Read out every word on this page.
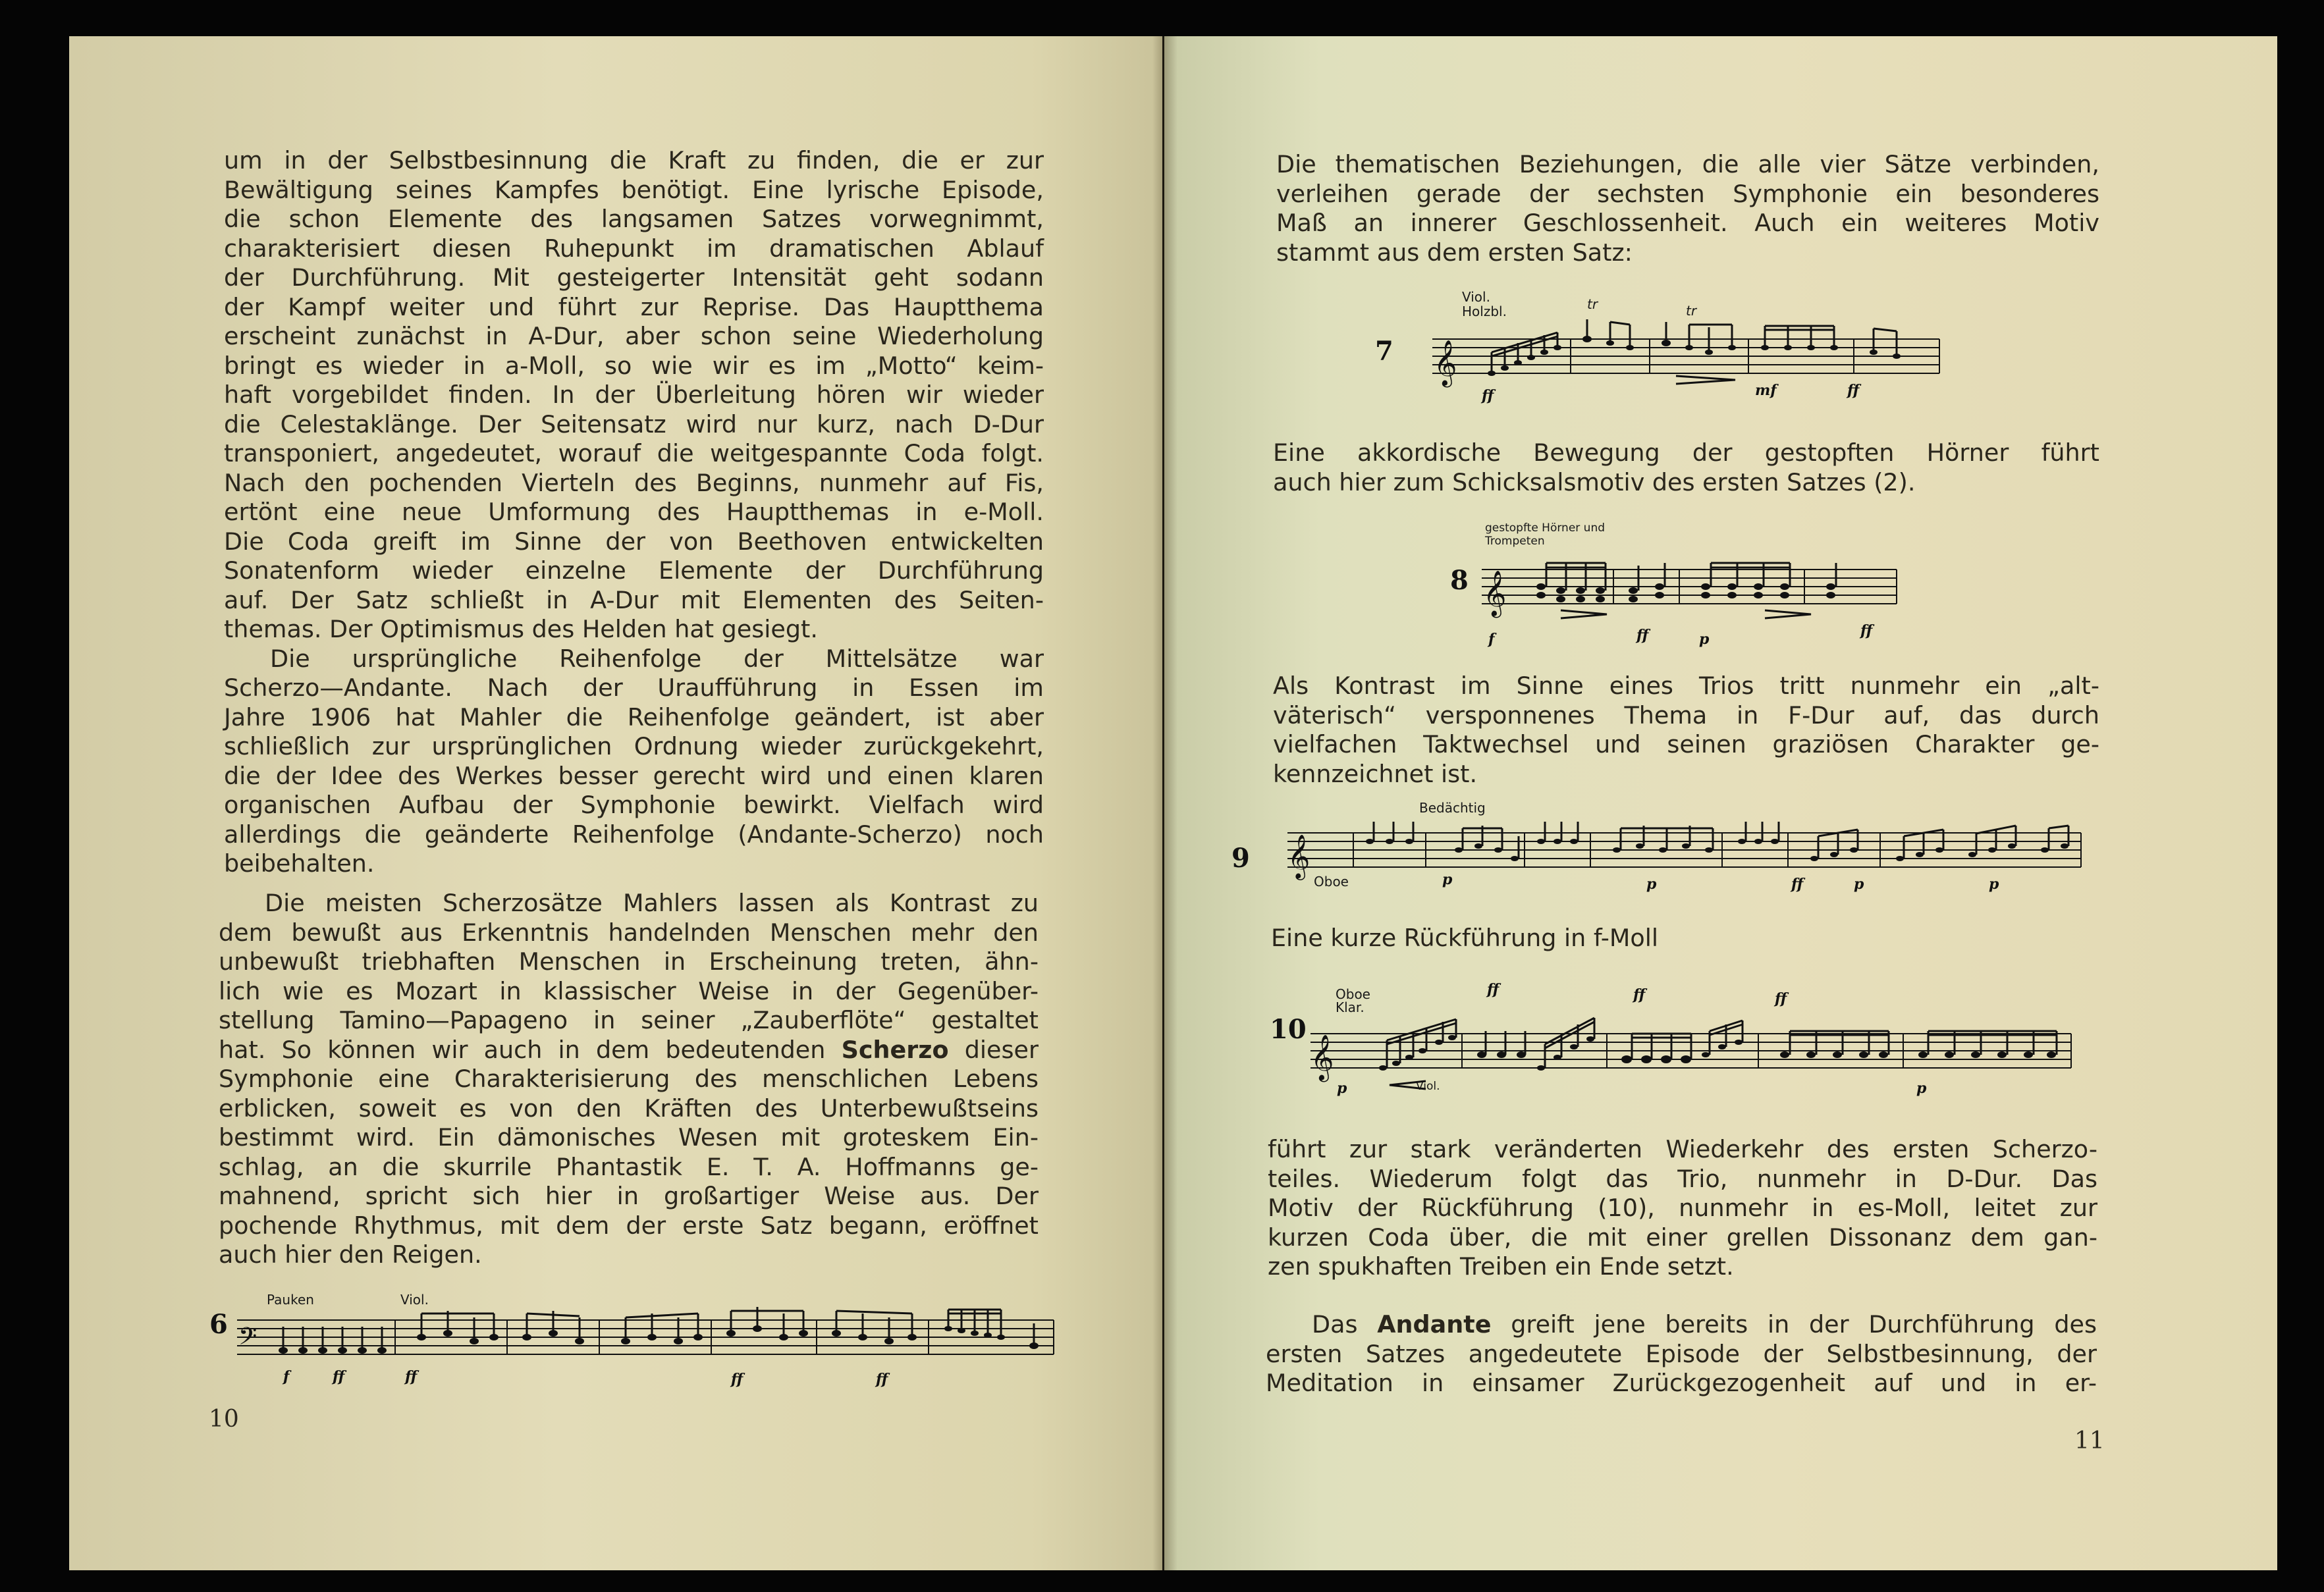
um in der Selbstbesinnung die Kraft zu finden, die er zur
Bewältigung seines Kampfes benötigt. Eine lyrische Episode,
die schon Elemente des langsamen Satzes vorwegnimmt,
charakterisiert diesen Ruhepunkt im dramatischen Ablauf
der Durchführung. Mit gesteigerter Intensität geht sodann
der Kampf weiter und führt zur Reprise. Das Hauptthema
erscheint zunächst in A-Dur, aber schon seine Wiederholung
bringt es wieder in a-Moll, so wie wir es im „Motto“ keim-
haft vorgebildet finden. In der Überleitung hören wir wieder
die Celestaklänge. Der Seitensatz wird nur kurz, nach D-Dur
transponiert, angedeutet, worauf die weitgespannte Coda folgt.
Nach den pochenden Vierteln des Beginns, nunmehr auf Fis,
ertönt eine neue Umformung des Hauptthemas in e-Moll.
Die Coda greift im Sinne der von Beethoven entwickelten
Sonatenform wieder einzelne Elemente der Durchführung
auf. Der Satz schließt in A-Dur mit Elementen des Seiten-
themas. Der Optimismus des Helden hat gesiegt.
Die ursprüngliche Reihenfolge der Mittelsätze war
Scherzo—Andante. Nach der Uraufführung in Essen im
Jahre 1906 hat Mahler die Reihenfolge geändert, ist aber
schließlich zur ursprünglichen Ordnung wieder zurückgekehrt,
die der Idee des Werkes besser gerecht wird und einen klaren
organischen Aufbau der Symphonie bewirkt. Vielfach wird
allerdings die geänderte Reihenfolge (Andante-Scherzo) noch
beibehalten.
Die meisten Scherzosätze Mahlers lassen als Kontrast zu
dem bewußt aus Erkenntnis handelnden Menschen mehr den
unbewußt triebhaften Menschen in Erscheinung treten, ähn-
lich wie es Mozart in klassischer Weise in der Gegenüber-
stellung Tamino—Papageno in seiner „Zauberflöte“ gestaltet
hat. So können wir auch in dem bedeutenden Scherzo dieser
Symphonie eine Charakterisierung des menschlichen Lebens
erblicken, soweit es von den Kräften des Unterbewußtseins
bestimmt wird. Ein dämonisches Wesen mit groteskem Ein-
schlag, an die skurrile Phantastik E. T. A. Hoffmanns ge-
mahnend, spricht sich hier in großartiger Weise aus. Der
pochende Rhythmus, mit dem der erste Satz begann, eröffnet
auch hier den Reigen.
6
Pauken	Viol.
𝄢
f	ff	ff	ff	ff
10
Die thematischen Beziehungen, die alle vier Sätze verbinden,
verleihen gerade der sechsten Symphonie ein besonderes
Maß an innerer Geschlossenheit. Auch ein weiteres Motiv
stammt aus dem ersten Satz:
7
Viol. Holzbl.	tr	tr
𝄞
ff	mf	ff
Eine akkordische Bewegung der gestopften Hörner führt
auch hier zum Schicksalsmotiv des ersten Satzes (2).
8
gestopfte Hörner und Trompeten
𝄞
f	ff	p	ff
Als Kontrast im Sinne eines Trios tritt nunmehr ein „alt-
väterisch“ versponnenes Thema in F-Dur auf, das durch
vielfachen Taktwechsel und seinen graziösen Charakter ge-
kennzeichnet ist.
9
Bedächtig
Oboe
𝄞
p	p	ff	p	p
Eine kurze Rückführung in f-Moll
10
Oboe Klar.
Viol.
𝄞
p
ff	ff	ff
p
führt zur stark veränderten Wiederkehr des ersten Scherzo-
teiles. Wiederum folgt das Trio, nunmehr in D-Dur. Das
Motiv der Rückführung (10), nunmehr in es-Moll, leitet zur
kurzen Coda über, die mit einer grellen Dissonanz dem gan-
zen spukhaften Treiben ein Ende setzt.
Das Andante greift jene bereits in der Durchführung des
ersten Satzes angedeutete Episode der Selbstbesinnung, der
Meditation in einsamer Zurückgezogenheit auf und in er-
11
